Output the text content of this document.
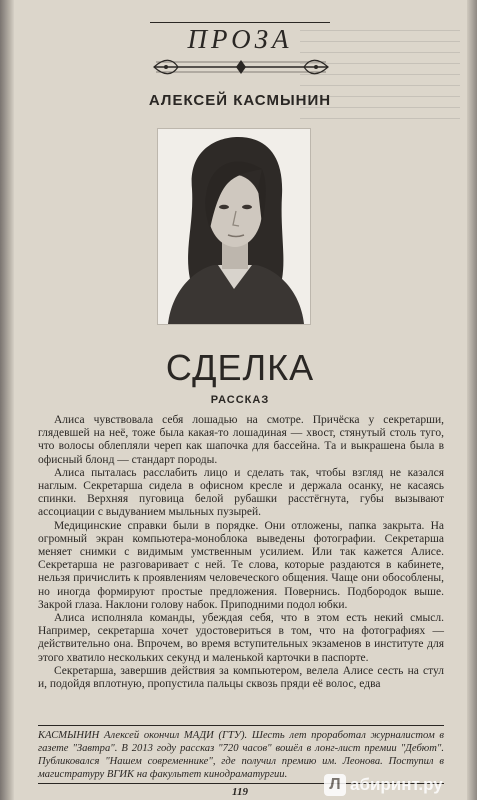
ПРОЗА
АЛЕКСЕЙ КАСМЫНИН
СДЕЛКА
РАССКАЗ

Алиса чувствовала себя лошадью на смотре. Причёска у секретарши, глядевшей на неё, тоже была какая-то лошадиная — хвост, стянутый столь туго, что волосы облепляли череп как шапочка для бассейна. Та и выкрашена была в офисный блонд — стандарт породы.

Алиса пыталась расслабить лицо и сделать так, чтобы взгляд не казался наглым. Секретарша сидела в офисном кресле и держала осанку, не касаясь спинки. Верхняя пуговица белой рубашки расстёгнута, губы вызывают ассоциации с выдуванием мыльных пузырей.

Медицинские справки были в порядке. Они отложены, папка закрыта. На огромный экран компьютера-моноблока выведены фотографии. Секретарша меняет снимки с видимым умственным усилием. Или так кажется Алисе. Секретарша не разговаривает с ней. Те слова, которые раздаются в кабинете, нельзя причислить к проявлениям человеческого общения. Чаще они обособлены, но иногда формируют простые предложения. Повернись. Подбородок выше. Закрой глаза. Наклони голову набок. Приподними подол юбки.

Алиса исполняла команды, убеждая себя, что в этом есть некий смысл. Например, секретарша хочет удостовериться в том, что на фотографиях — действительно она. Впрочем, во время вступительных экзаменов в институте для этого хватило нескольких секунд и маленькой карточки в паспорте.

Секретарша, завершив действия за компьютером, велела Алисе сесть на стул и, подойдя вплотную, пропустила пальцы сквозь пряди её волос, едва

КАСМЫНИН Алексей окончил МАДИ (ГТУ). Шесть лет проработал журналистом в газете "Завтра". В 2013 году рассказ "720 часов" вошёл в лонг-лист премии "Дебют". Публиковался "Нашем современнике", где получил премию им. Леонова. Поступил в магистратуру ВГИК на факультет кинодраматургии.
119	Л абиринт.ру
